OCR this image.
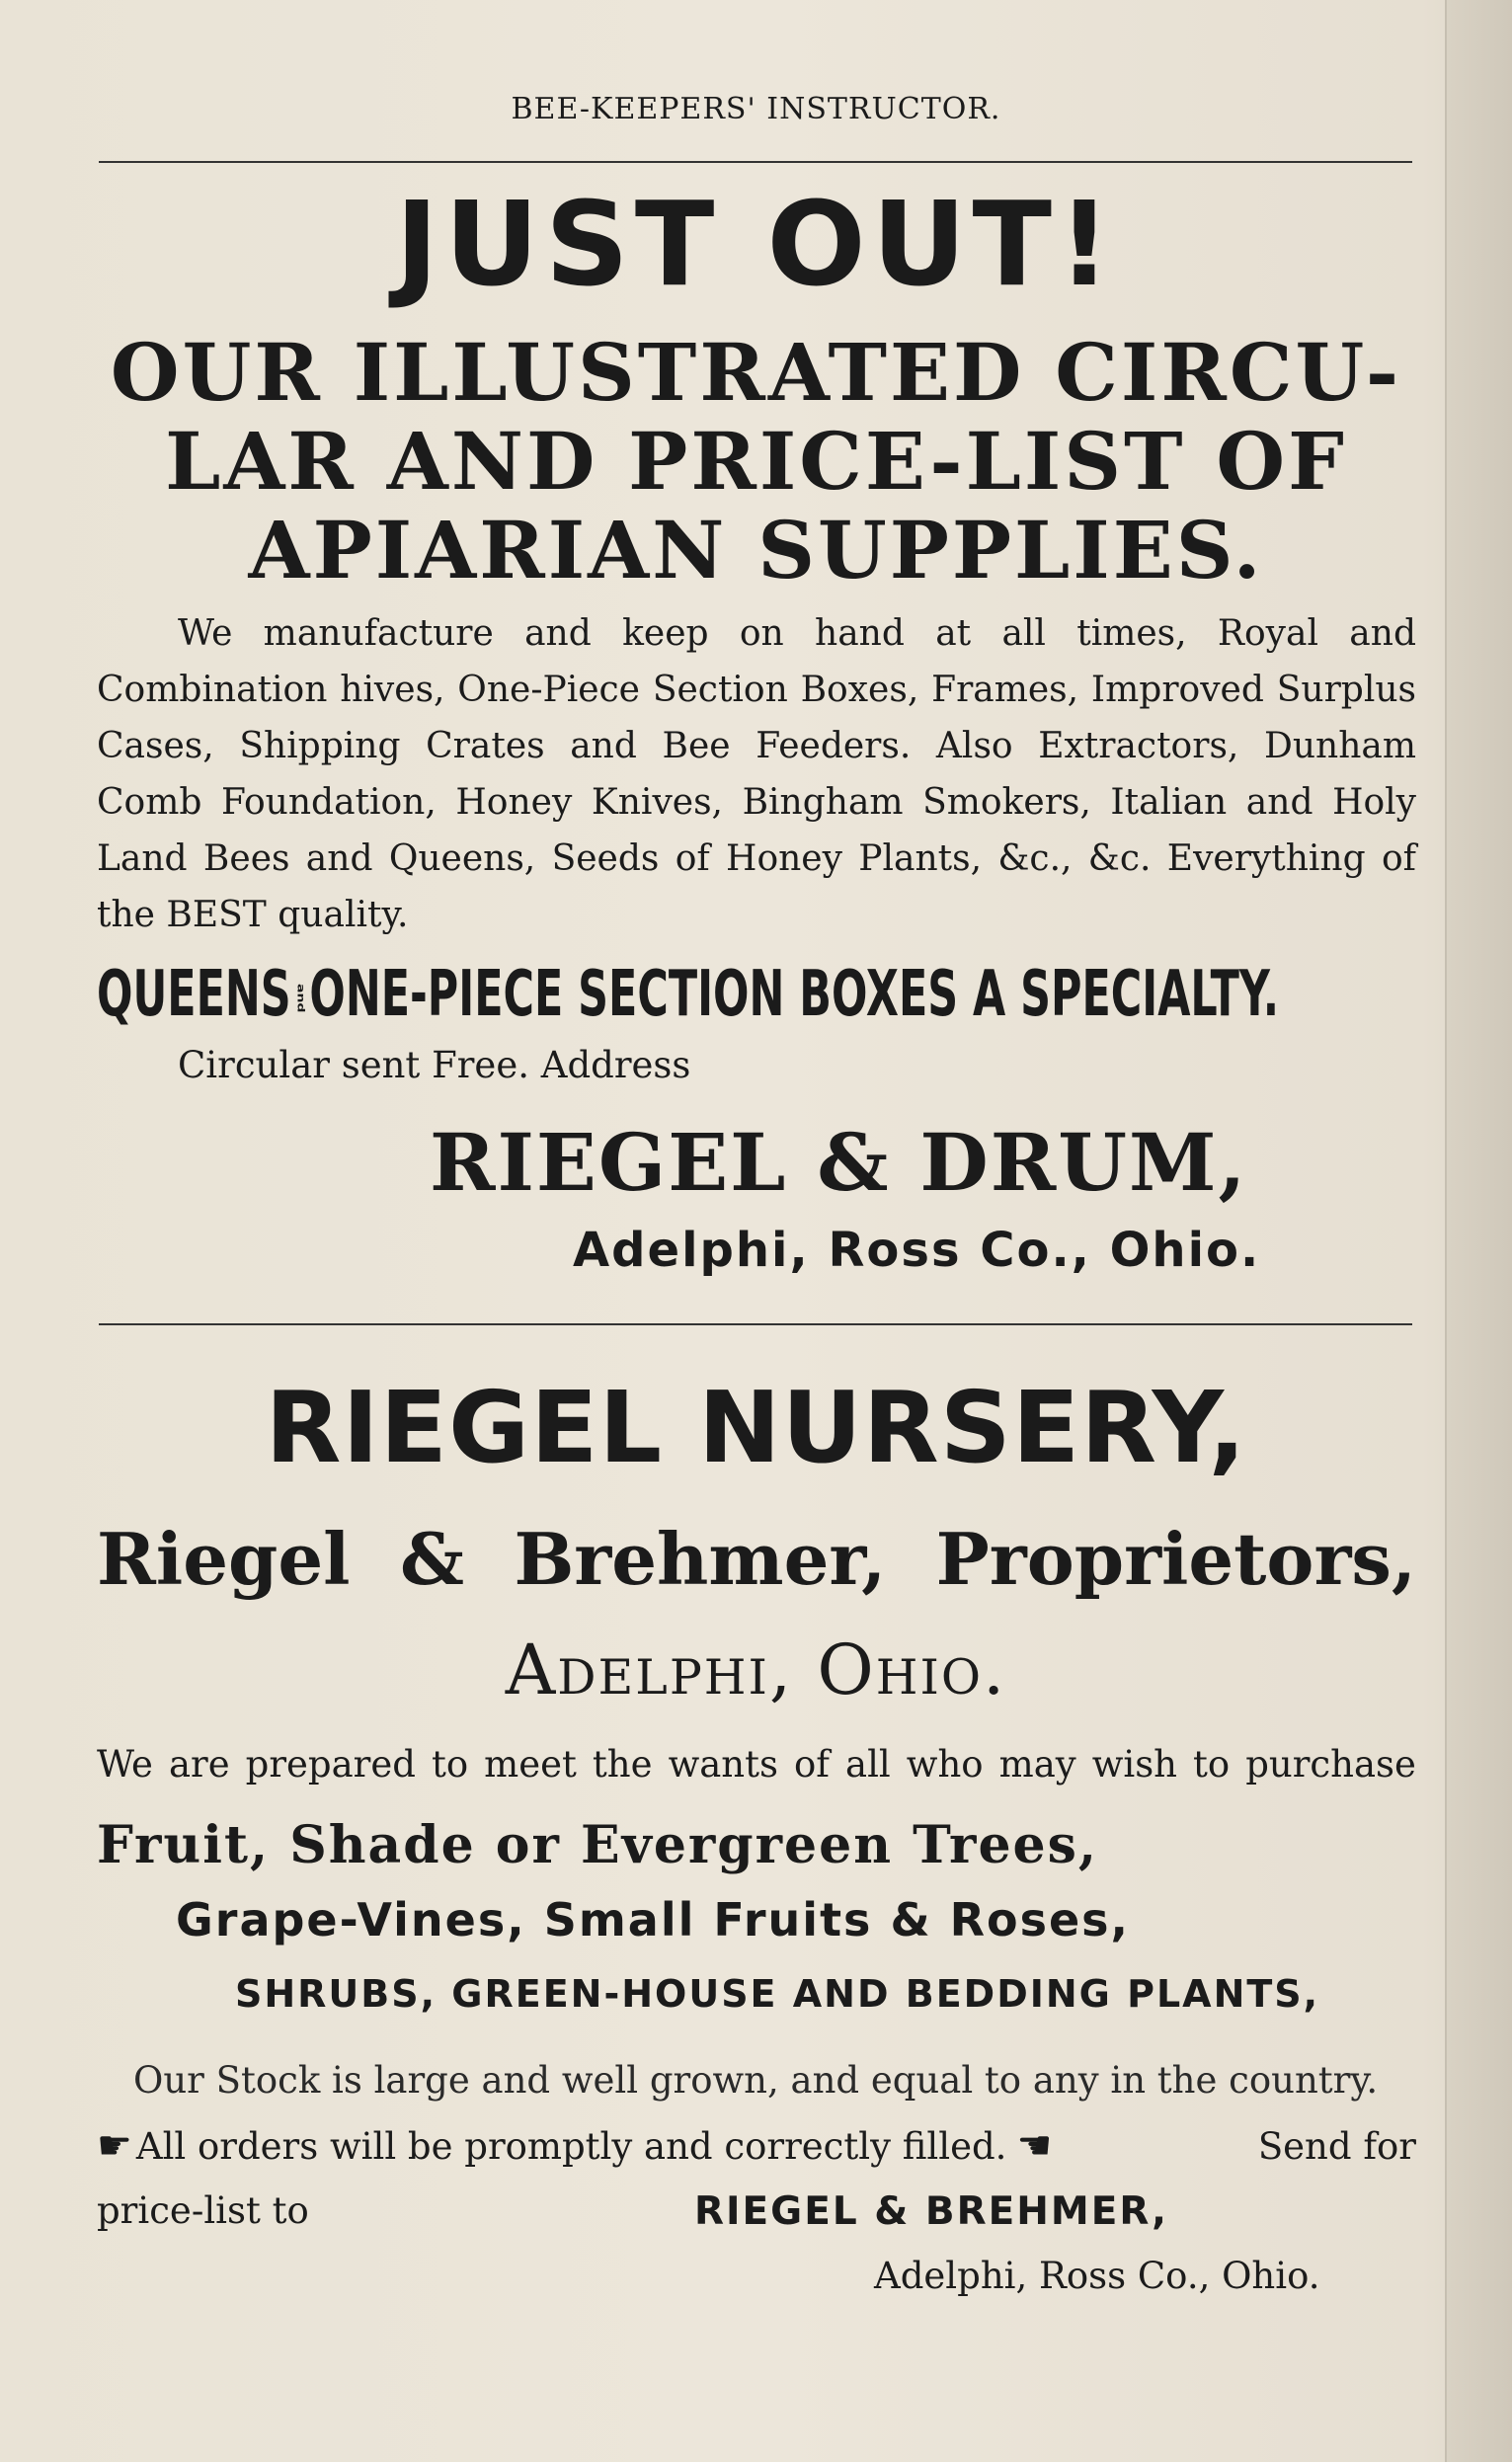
BEE-KEEPERS' INSTRUCTOR.
JUST OUT!
OUR ILLUSTRATED CIRCU-
LAR AND PRICE-LIST OF
APIARIAN SUPPLIES.
We manufacture and keep on hand at all times, Royal and Combination hives, One-Piece Section Boxes, Frames, Improved Surplus Cases, Shipping Crates and Bee Feeders. Also Extractors, Dunham Comb Foundation, Honey Knives, Bingham Smokers, Italian and Holy Land Bees and Queens, Seeds of Honey Plants, &c., &c. Everything of the BEST quality.
QUEENS andONE-PIECE SECTION BOXES A SPECIALTY.
Circular sent Free. Address
RIEGEL & DRUM,
Adelphi, Ross Co., Ohio.
RIEGEL NURSERY,
Riegel & Brehmer, Proprietors,
Adelphi, Ohio.
We are prepared to meet the wants of all who may wish to purchase
Fruit, Shade or Evergreen Trees,
Grape-Vines, Small Fruits & Roses,
SHRUBS, GREEN-HOUSE AND BEDDING PLANTS,
Our Stock is large and well grown, and equal to any in the country.
☛ All orders will be promptly and correctly filled. ☚	Send for
price-list to	RIEGEL & BREHMER,
Adelphi, Ross Co., Ohio.
